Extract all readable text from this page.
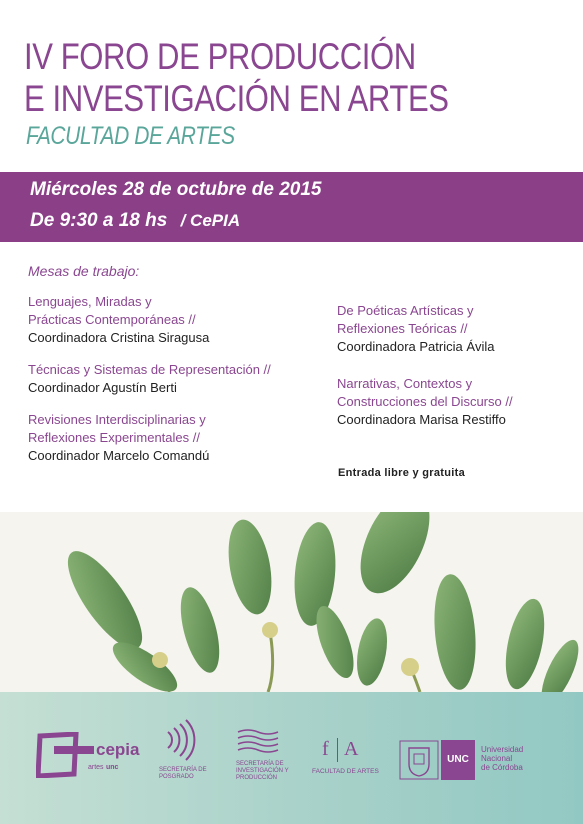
IV FORO DE PRODUCCIÓN
E INVESTIGACIÓN EN ARTES
FACULTAD DE ARTES
Miércoles 28 de octubre de 2015
De 9:30 a 18 hs / CePIA
Mesas de trabajo:
Lenguajes, Miradas y
Prácticas Contemporáneas //
Coordinadora Cristina Siragusa
Técnicas y Sistemas de Representación //
Coordinador Agustín Berti
Revisiones Interdisciplinarias y
Reflexiones Experimentales //
Coordinador Marcelo Comandú
De Poéticas Artísticas y
Reflexiones Teóricas //
Coordinadora Patricia Ávila
Narrativas, Contextos y
Construcciones del Discurso //
Coordinadora Marisa Restiffo
Entrada libre y gratuita
cepia
artes unc	SECRETARÍA DE
POSGRADO
SECRETARÍA DE
INVESTIGACIÓN Y
PRODUCCIÓN
f A
FACULTAD DE ARTES
UNC
Universidad
Nacional
de Córdoba
